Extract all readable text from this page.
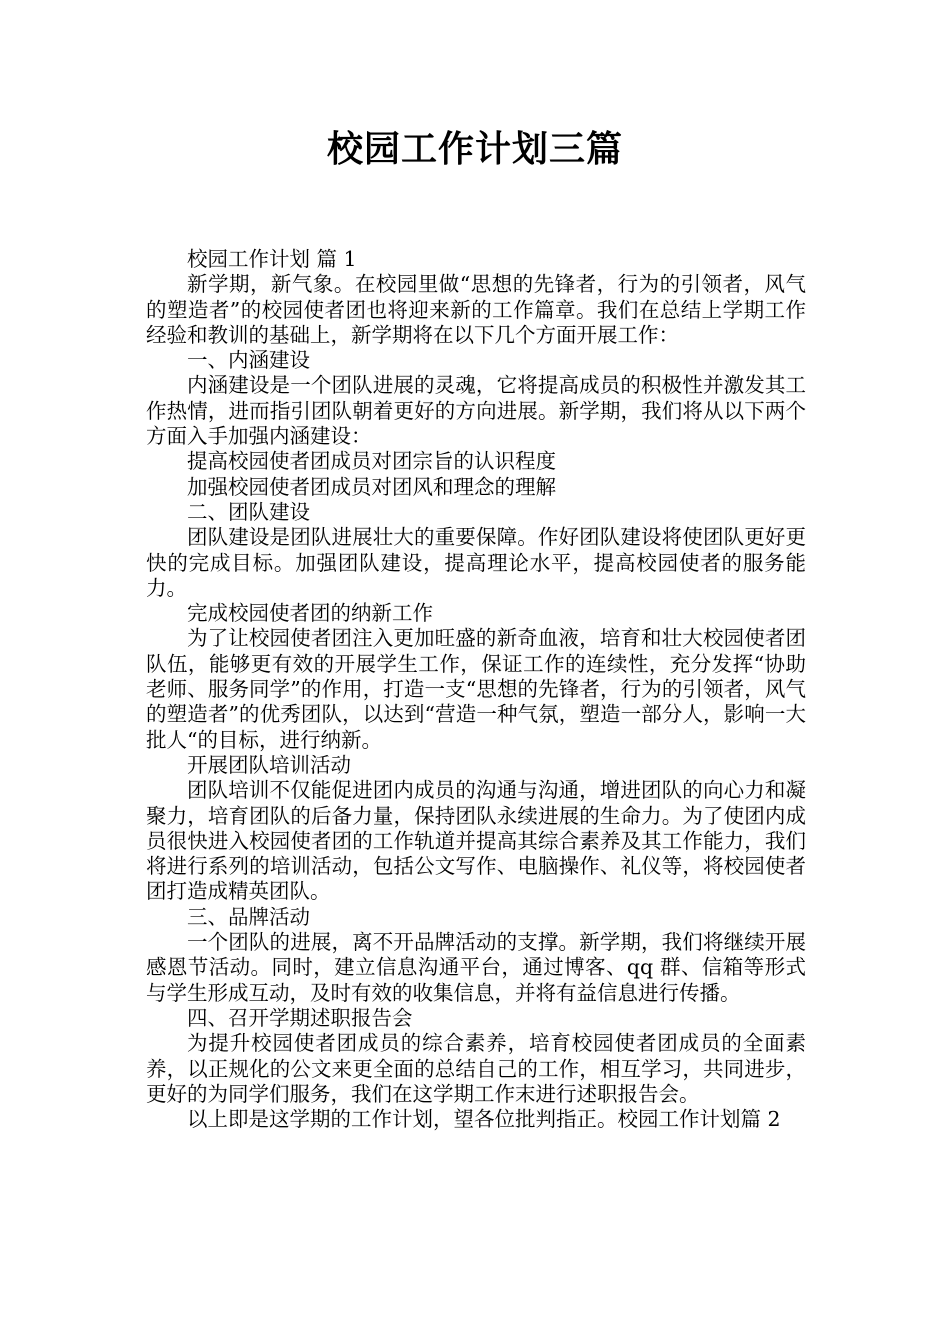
校园工作计划三篇

校园工作计划 篇 1

新学期，新气象。在校园里做“思想的先锋者，行为的引领者，风气的塑造者”的校园使者团也将迎来新的工作篇章。我们在总结上学期工作经验和教训的基础上，新学期将在以下几个方面开展工作：

一、内涵建设

内涵建设是一个团队进展的灵魂，它将提高成员的积极性并激发其工作热情，进而指引团队朝着更好的方向进展。新学期，我们将从以下两个方面入手加强内涵建设：

提高校园使者团成员对团宗旨的认识程度

加强校园使者团成员对团风和理念的理解

二、团队建设

团队建设是团队进展壮大的重要保障。作好团队建设将使团队更好更快的完成目标。加强团队建设，提高理论水平，提高校园使者的服务能力。

完成校园使者团的纳新工作

为了让校园使者团注入更加旺盛的新奇血液，培育和壮大校园使者团队伍，能够更有效的开展学生工作，保证工作的连续性，充分发挥“协助老师、服务同学”的作用，打造一支“思想的先锋者，行为的引领者，风气的塑造者”的优秀团队，以达到“营造一种气氛，塑造一部分人，影响一大批人“的目标，进行纳新。

开展团队培训活动

团队培训不仅能促进团内成员的沟通与沟通，增进团队的向心力和凝聚力，培育团队的后备力量，保持团队永续进展的生命力。为了使团内成员很快进入校园使者团的工作轨道并提高其综合素养及其工作能力，我们将进行系列的培训活动，包括公文写作、电脑操作、礼仪等，将校园使者团打造成精英团队。

三、品牌活动

一个团队的进展，离不开品牌活动的支撑。新学期，我们将继续开展感恩节活动。同时，建立信息沟通平台，通过博客、qq 群、信箱等形式与学生形成互动，及时有效的收集信息，并将有益信息进行传播。

四、召开学期述职报告会

为提升校园使者团成员的综合素养，培育校园使者团成员的全面素养，以正规化的公文来更全面的总结自己的工作，相互学习，共同进步，更好的为同学们服务，我们在这学期工作末进行述职报告会。

以上即是这学期的工作计划，望各位批判指正。校园工作计划篇 2
